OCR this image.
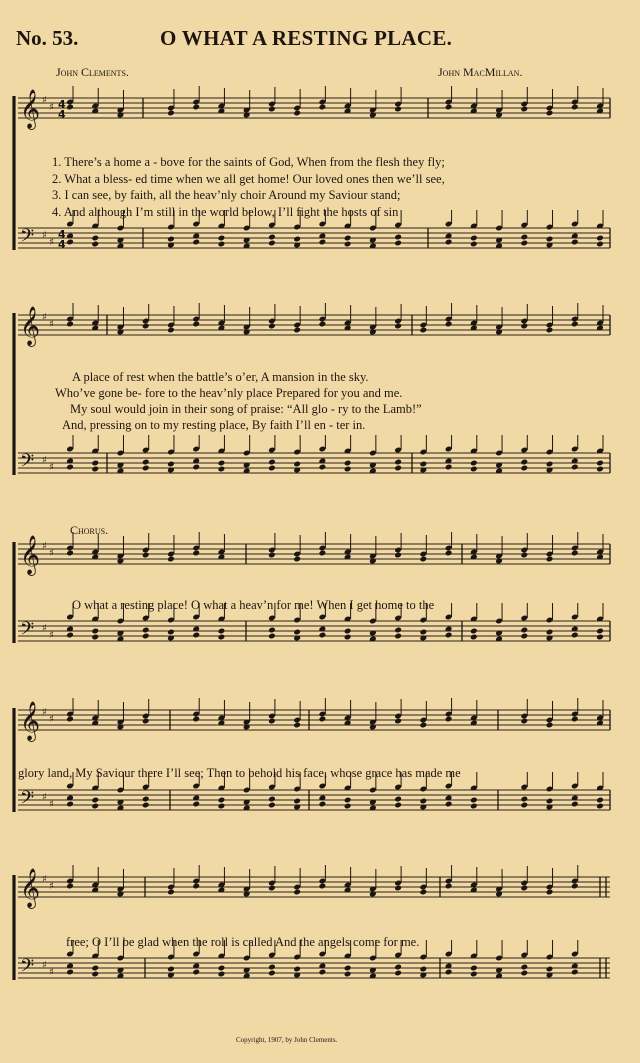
No. 53.	O WHAT A RESTING PLACE.
John Clements.	John MacMillan.
𝄞
𝄢
♯
♯
♯
♯
𝄞
𝄢
♯
♯
♯
♯
𝄞
𝄢
♯
♯
♯
♯
𝄞
𝄢
♯
♯
♯
♯
𝄞
𝄢
♯
♯
♯
♯
4
4
4
4
1. There’s a home a - bove for the saints of God, When from the flesh they fly;
2. What a bless- ed time when we all get home! Our loved ones then we’ll see,
3. I can see, by faith, all the heav’nly choir Around my Saviour stand;
4. And although I’m still in the world below, I’ll fight the hosts of sin
A place of rest when the battle’s o’er, A mansion in the sky.
Who’ve gone be- fore to the heav’nly place Prepared for you and me.
My soul would join in their song of praise: “All glo - ry to the Lamb!”
And, pressing on to my resting place, By faith I’ll en - ter in.
Chorus.
O what a resting place! O what a heav’n for me! When I get home to the
glory land, My Saviour there I’ll see; Then to behold his face, whose grace has made me
free; O I’ll be glad when the roll is called And the angels come for me.
Copyright, 1907, by John Clements.
